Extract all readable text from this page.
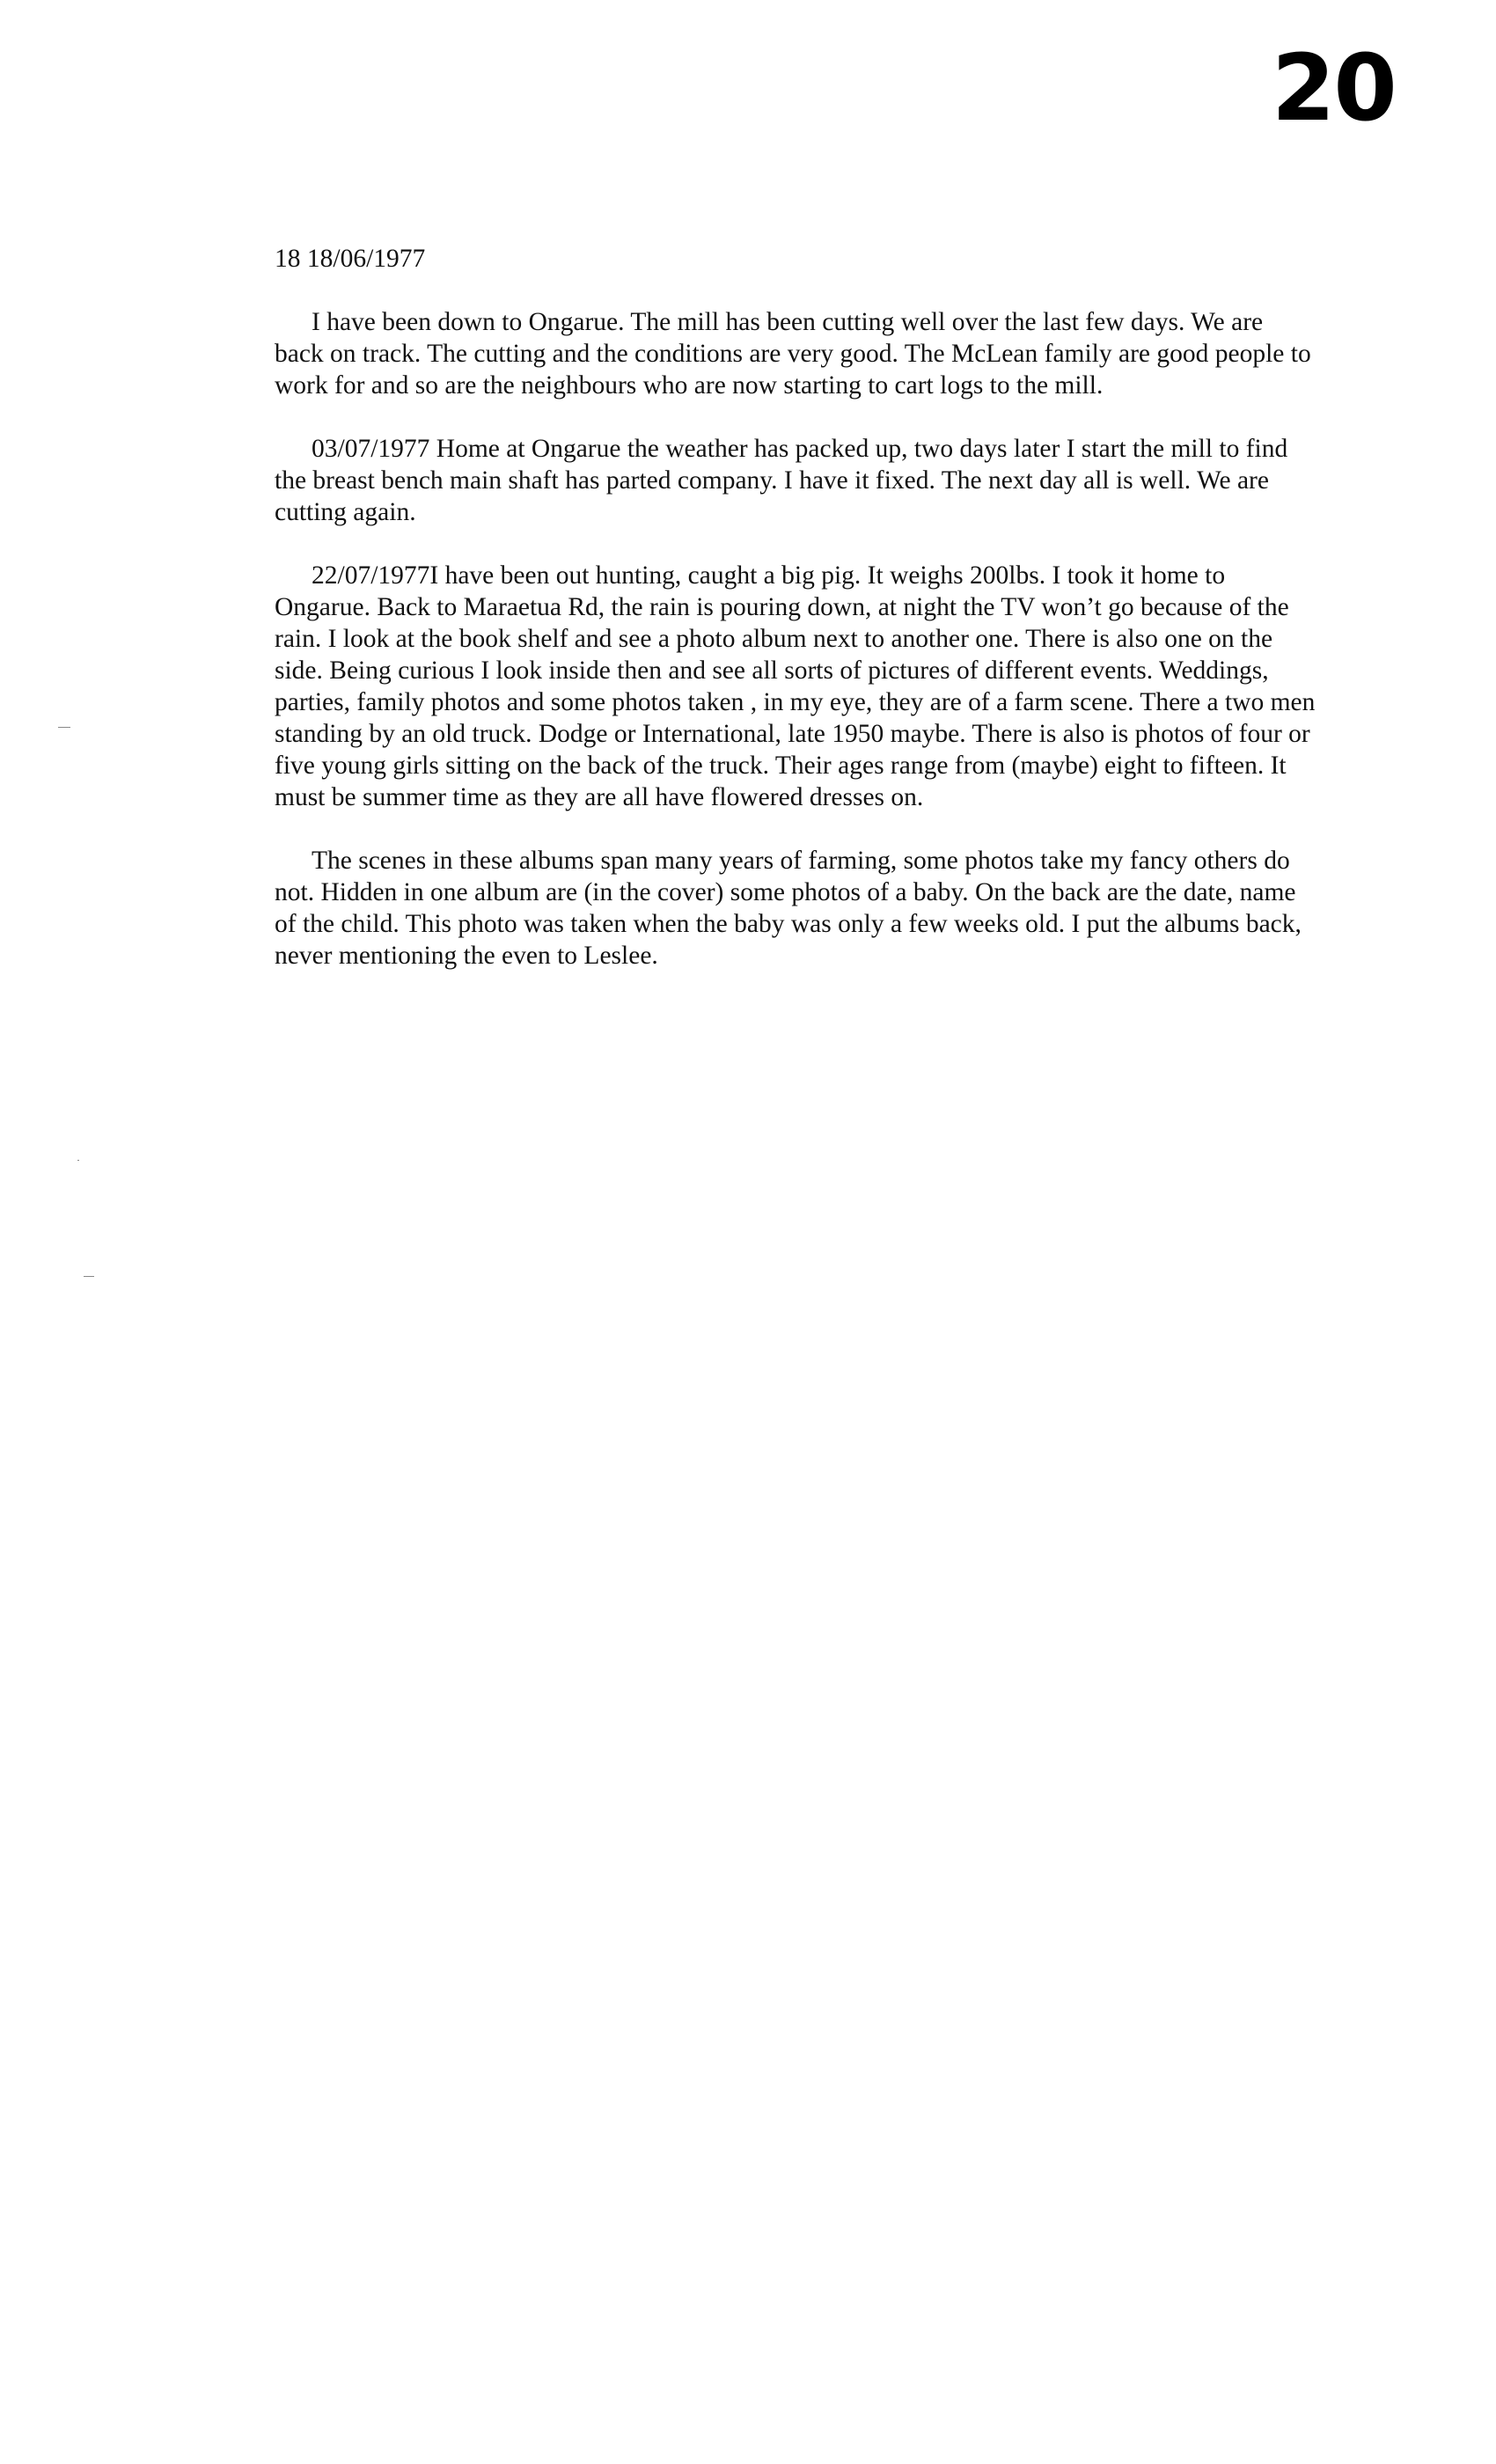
20
18 18/06/1977

I have been down to Ongarue. The mill has been cutting well over the last few days. We are back on track. The cutting and the conditions are very good. The McLean family are good people to work for and so are the neighbours who are now starting to cart logs to the mill.

03/07/1977 Home at Ongarue the weather has packed up, two days later I start the mill to find the breast bench main shaft has parted company. I have it fixed. The next day all is well. We are cutting again.

22/07/1977I have been out hunting, caught a big pig. It weighs 200lbs. I took it home to Ongarue. Back to Maraetua Rd, the rain is pouring down, at night the TV won’t go because of the rain. I look at the book shelf and see a photo album next to another one. There is also one on the side. Being curious I look inside then and see all sorts of pictures of different events. Weddings, parties, family photos and some photos taken , in my eye, they are of a farm scene. There a two men standing by an old truck. Dodge or International, late 1950 maybe. There is also is photos of four or five young girls sitting on the back of the truck. Their ages range from (maybe) eight to fifteen. It must be summer time as they are all have flowered dresses on.

The scenes in these albums span many years of farming, some photos take my fancy others do not. Hidden in one album are (in the cover) some photos of a baby. On the back are the date, name of the child. This photo was taken when the baby was only a few weeks old. I put the albums back, never mentioning the even to Leslee.
